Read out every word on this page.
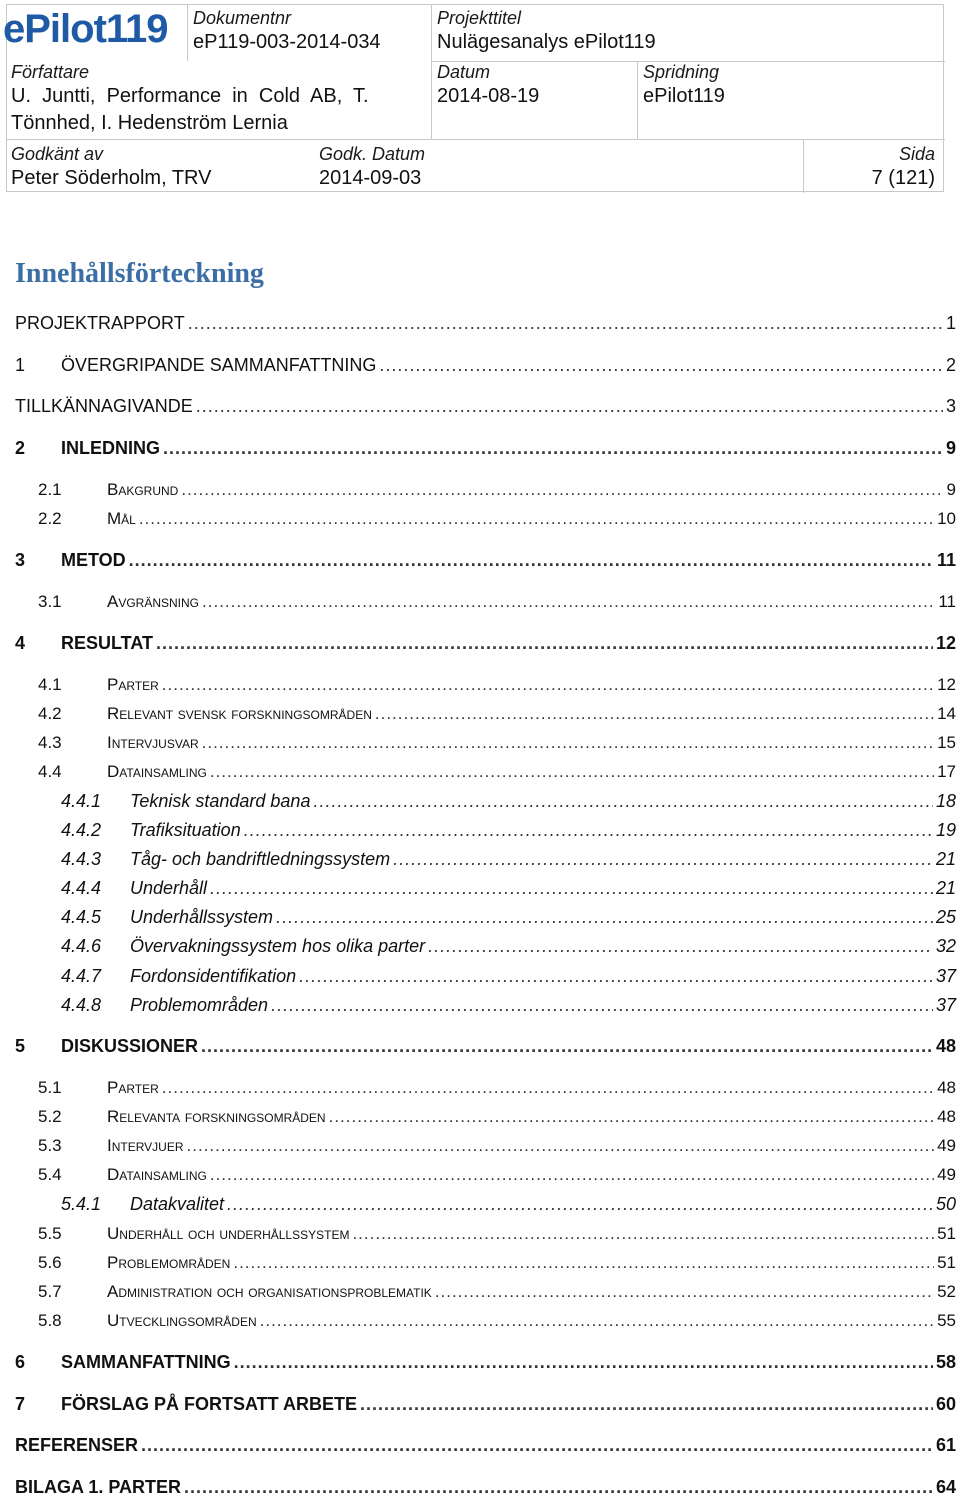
ePilot119 Dokumentnr
eP119-003-2014-034
Projekttitel
Nulägesanalys ePilot119
Författare
U.  Juntti,  Performance  in  Cold  AB,  T.
Tönnhed, I. Hedenström Lernia
Datum
2014-08-19
Spridning
ePilot119
Godkänt av
Peter Söderholm, TRV
Godk. Datum
2014-09-03
Sida
7 (121)
Innehållsförteckning
PROJEKTRAPPORT .....	1
1	ÖVERGRIPANDE SAMMANFATTNING .....	2
TILLKÄNNAGIVANDE .....	3
2	INLEDNING .....	9
2.1	Bakgrund .....	9
2.2	Mål .....	10
3	METOD .....	11
3.1	Avgränsning .....	11
4	RESULTAT .....	12
4.1	Parter .....	12
4.2	Relevant svensk forskningsområden .....	14
4.3	Intervjusvar .....	15
4.4	Datainsamling .....	17
4.4.1	Teknisk standard bana .....	18
4.4.2	Trafiksituation .....	19
4.4.3	Tåg- och bandriftledningssystem .....	21
4.4.4	Underhåll .....	21
4.4.5	Underhållssystem .....	25
4.4.6	Övervakningssystem hos olika parter .....	32
4.4.7	Fordonsidentifikation .....	37
4.4.8	Problemområden .....	37
5	DISKUSSIONER .....	48
5.1	Parter .....	48
5.2	Relevanta forskningsområden .....	48
5.3	Intervjuer .....	49
5.4	Datainsamling .....	49
5.4.1	Datakvalitet .....	50
5.5	Underhåll och underhållssystem .....	51
5.6	Problemområden .....	51
5.7	Administration och organisationsproblematik .....	52
5.8	Utvecklingsområden .....	55
6	SAMMANFATTNING .....	58
7	FÖRSLAG PÅ FORTSATT ARBETE .....	60
REFERENSER .....	61
BILAGA 1. PARTER .....	64
